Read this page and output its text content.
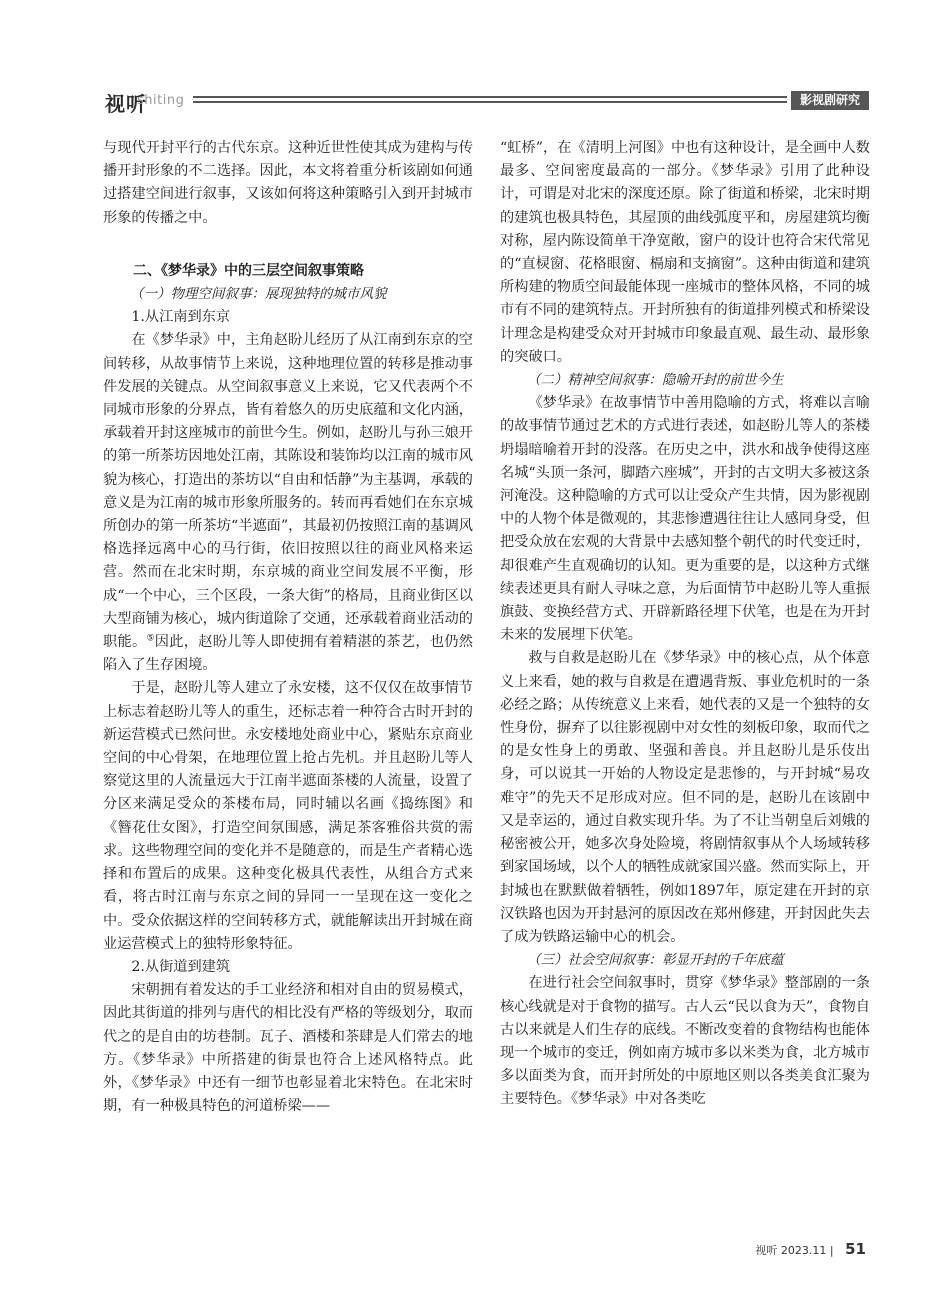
视听
shiting	影视剧研究

与现代开封平行的古代东京。这种近世性使其成为建构与传播开封形象的不二选择。因此，本文将着重分析该剧如何通过搭建空间进行叙事，又该如何将这种策略引入到开封城市形象的传播之中。

二、《梦华录》中的三层空间叙事策略

（一）物理空间叙事：展现独特的城市风貌

1.从江南到东京

在《梦华录》中，主角赵盼儿经历了从江南到东京的空间转移，从故事情节上来说，这种地理位置的转移是推动事件发展的关键点。从空间叙事意义上来说，它又代表两个不同城市形象的分界点，皆有着悠久的历史底蕴和文化内涵，承载着开封这座城市的前世今生。例如，赵盼儿与孙三娘开的第一所茶坊因地处江南，其陈设和装饰均以江南的城市风貌为核心，打造出的茶坊以“自由和恬静”为主基调，承载的意义是为江南的城市形象所服务的。转而再看她们在东京城所创办的第一所茶坊“半遮面”，其最初仍按照江南的基调风格选择远离中心的马行街，依旧按照以往的商业风格来运营。然而在北宋时期，东京城的商业空间发展不平衡，形成“一个中心，三个区段，一条大街”的格局，且商业街区以大型商铺为核心，城内街道除了交通，还承载着商业活动的职能。⑤因此，赵盼儿等人即使拥有着精湛的茶艺，也仍然陷入了生存困境。

于是，赵盼儿等人建立了永安楼，这不仅仅在故事情节上标志着赵盼儿等人的重生，还标志着一种符合古时开封的新运营模式已然问世。永安楼地处商业中心，紧贴东京商业空间的中心骨架，在地理位置上抢占先机。并且赵盼儿等人察觉这里的人流量远大于江南半遮面茶楼的人流量，设置了分区来满足受众的茶楼布局，同时辅以名画《捣练图》和《簪花仕女图》，打造空间氛围感，满足茶客雅俗共赏的需求。这些物理空间的变化并不是随意的，而是生产者精心选择和布置后的成果。这种变化极具代表性，从组合方式来看，将古时江南与东京之间的异同一一呈现在这一变化之中。受众依据这样的空间转移方式，就能解读出开封城在商业运营模式上的独特形象特征。

2.从街道到建筑

宋朝拥有着发达的手工业经济和相对自由的贸易模式，因此其街道的排列与唐代的相比没有严格的等级划分，取而代之的是自由的坊巷制。瓦子、酒楼和茶肆是人们常去的地方。《梦华录》中所搭建的街景也符合上述风格特点。此外，《梦华录》中还有一细节也彰显着北宋特色。在北宋时期，有一种极具特色的河道桥梁——

“虹桥”，在《清明上河图》中也有这种设计，是全画中人数最多、空间密度最高的一部分。《梦华录》引用了此种设计，可谓是对北宋的深度还原。除了街道和桥梁，北宋时期的建筑也极具特色，其屋顶的曲线弧度平和，房屋建筑均衡对称，屋内陈设简单干净宽敞，窗户的设计也符合宋代常见的“直棂窗、花格眼窗、槅扇和支摘窗”。这种由街道和建筑所构建的物质空间最能体现一座城市的整体风格，不同的城市有不同的建筑特点。开封所独有的街道排列模式和桥梁设计理念是构建受众对开封城市印象最直观、最生动、最形象的突破口。

（二）精神空间叙事：隐喻开封的前世今生

《梦华录》在故事情节中善用隐喻的方式，将难以言喻的故事情节通过艺术的方式进行表述，如赵盼儿等人的茶楼坍塌暗喻着开封的没落。在历史之中，洪水和战争使得这座名城“头顶一条河，脚踏六座城”，开封的古文明大多被这条河淹没。这种隐喻的方式可以让受众产生共情，因为影视剧中的人物个体是微观的，其悲惨遭遇往往让人感同身受，但把受众放在宏观的大背景中去感知整个朝代的时代变迁时，却很难产生直观确切的认知。更为重要的是，以这种方式继续表述更具有耐人寻味之意，为后面情节中赵盼儿等人重振旗鼓、变换经营方式、开辟新路径埋下伏笔，也是在为开封未来的发展埋下伏笔。

救与自救是赵盼儿在《梦华录》中的核心点，从个体意义上来看，她的救与自救是在遭遇背叛、事业危机时的一条必经之路；从传统意义上来看，她代表的又是一个独特的女性身份，摒弃了以往影视剧中对女性的刻板印象，取而代之的是女性身上的勇敢、坚强和善良。并且赵盼儿是乐伎出身，可以说其一开始的人物设定是悲惨的，与开封城“易攻难守”的先天不足形成对应。但不同的是，赵盼儿在该剧中又是幸运的，通过自救实现升华。为了不让当朝皇后刘娥的秘密被公开，她多次身处险境，将剧情叙事从个人场域转移到家国场域，以个人的牺牲成就家国兴盛。然而实际上，开封城也在默默做着牺牲，例如1897年，原定建在开封的京汉铁路也因为开封悬河的原因改在郑州修建，开封因此失去了成为铁路运输中心的机会。

（三）社会空间叙事：彰显开封的千年底蕴

在进行社会空间叙事时，贯穿《梦华录》整部剧的一条核心线就是对于食物的描写。古人云“民以食为天”，食物自古以来就是人们生存的底线。不断改变着的食物结构也能体现一个城市的变迁，例如南方城市多以米类为食，北方城市多以面类为食，而开封所处的中原地区则以各类美食汇聚为主要特色。《梦华录》中对各类吃

视听 2023.11 | 51
